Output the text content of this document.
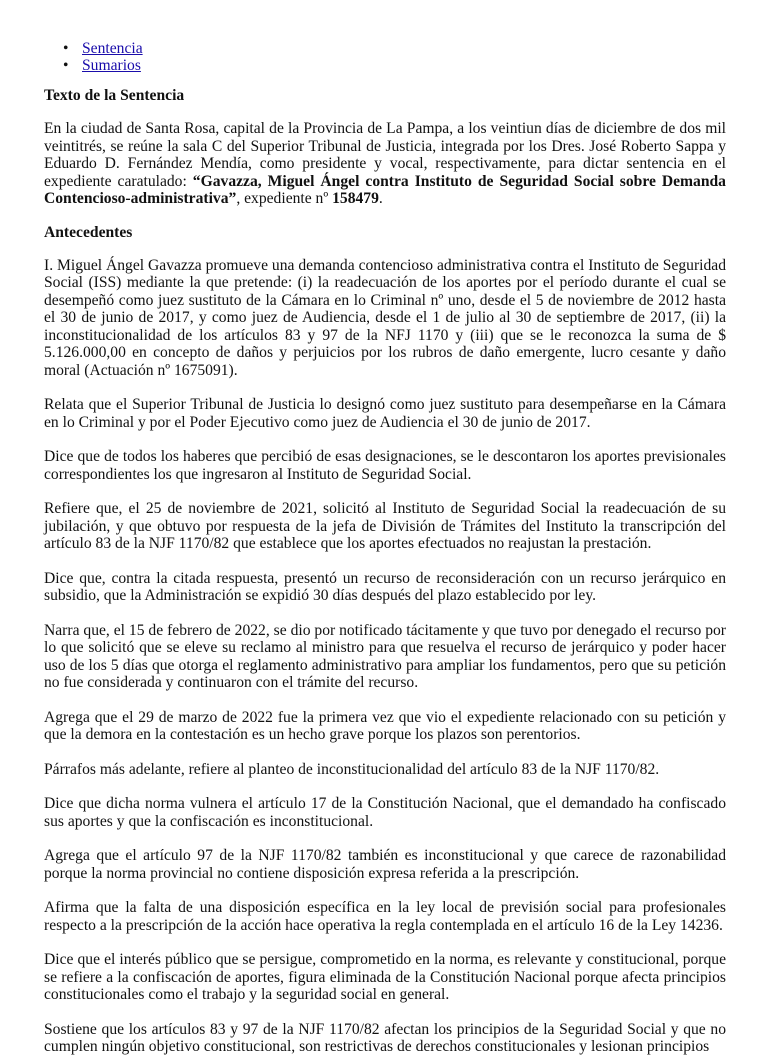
• Sentencia
• Sumarios
Texto de la Sentencia

En la ciudad de Santa Rosa, capital de la Provincia de La Pampa, a los veintiun días de diciembre de dos mil veintitrés, se reúne la sala C del Superior Tribunal de Justicia, integrada por los Dres. José Roberto Sappa y Eduardo D. Fernández Mendía, como presidente y vocal, respectivamente, para dictar sentencia en el expediente caratulado: “Gavazza, Miguel Ángel contra Instituto de Seguridad Social sobre Demanda Contencioso-administrativa”, expediente nº 158479.

Antecedentes

I. Miguel Ángel Gavazza promueve una demanda contencioso administrativa contra el Instituto de Seguridad Social (ISS) mediante la que pretende: (i) la readecuación de los aportes por el período durante el cual se desempeñó como juez sustituto de la Cámara en lo Criminal nº uno, desde el 5 de noviembre de 2012 hasta el 30 de junio de 2017, y como juez de Audiencia, desde el 1 de julio al 30 de septiembre de 2017, (ii) la inconstitucionalidad de los artículos 83 y 97 de la NFJ 1170 y (iii) que se le reconozca la suma de $ 5.126.000,00 en concepto de daños y perjuicios por los rubros de daño emergente, lucro cesante y daño moral (Actuación nº 1675091).

Relata que el Superior Tribunal de Justicia lo designó como juez sustituto para desempeñarse en la Cámara en lo Criminal y por el Poder Ejecutivo como juez de Audiencia el 30 de junio de 2017.

Dice que de todos los haberes que percibió de esas designaciones, se le descontaron los aportes previsionales correspondientes los que ingresaron al Instituto de Seguridad Social.

Refiere que, el 25 de noviembre de 2021, solicitó al Instituto de Seguridad Social la readecuación de su jubilación, y que obtuvo por respuesta de la jefa de División de Trámites del Instituto la transcripción del artículo 83 de la NJF 1170/82 que establece que los aportes efectuados no reajustan la prestación.

Dice que, contra la citada respuesta, presentó un recurso de reconsideración con un recurso jerárquico en subsidio, que la Administración se expidió 30 días después del plazo establecido por ley.

Narra que, el 15 de febrero de 2022, se dio por notificado tácitamente y que tuvo por denegado el recurso por lo que solicitó que se eleve su reclamo al ministro para que resuelva el recurso de jerárquico y poder hacer uso de los 5 días que otorga el reglamento administrativo para ampliar los fundamentos, pero que su petición no fue considerada y continuaron con el trámite del recurso.

Agrega que el 29 de marzo de 2022 fue la primera vez que vio el expediente relacionado con su petición y que la demora en la contestación es un hecho grave porque los plazos son perentorios.

Párrafos más adelante, refiere al planteo de inconstitucionalidad del artículo 83 de la NJF 1170/82.

Dice que dicha norma vulnera el artículo 17 de la Constitución Nacional, que el demandado ha confiscado sus aportes y que la confiscación es inconstitucional.

Agrega que el artículo 97 de la NJF 1170/82 también es inconstitucional y que carece de razonabilidad porque la norma provincial no contiene disposición expresa referida a la prescripción.

Afirma que la falta de una disposición específica en la ley local de previsión social para profesionales respecto a la prescripción de la acción hace operativa la regla contemplada en el artículo 16 de la Ley 14236.

Dice que el interés público que se persigue, comprometido en la norma, es relevante y constitucional, porque se refiere a la confiscación de aportes, figura eliminada de la Constitución Nacional porque afecta principios constitucionales como el trabajo y la seguridad social en general.

Sostiene que los artículos 83 y 97 de la NJF 1170/82 afectan los principios de la Seguridad Social y que no cumplen ningún objetivo constitucional, son restrictivas de derechos constitucionales y lesionan principios
